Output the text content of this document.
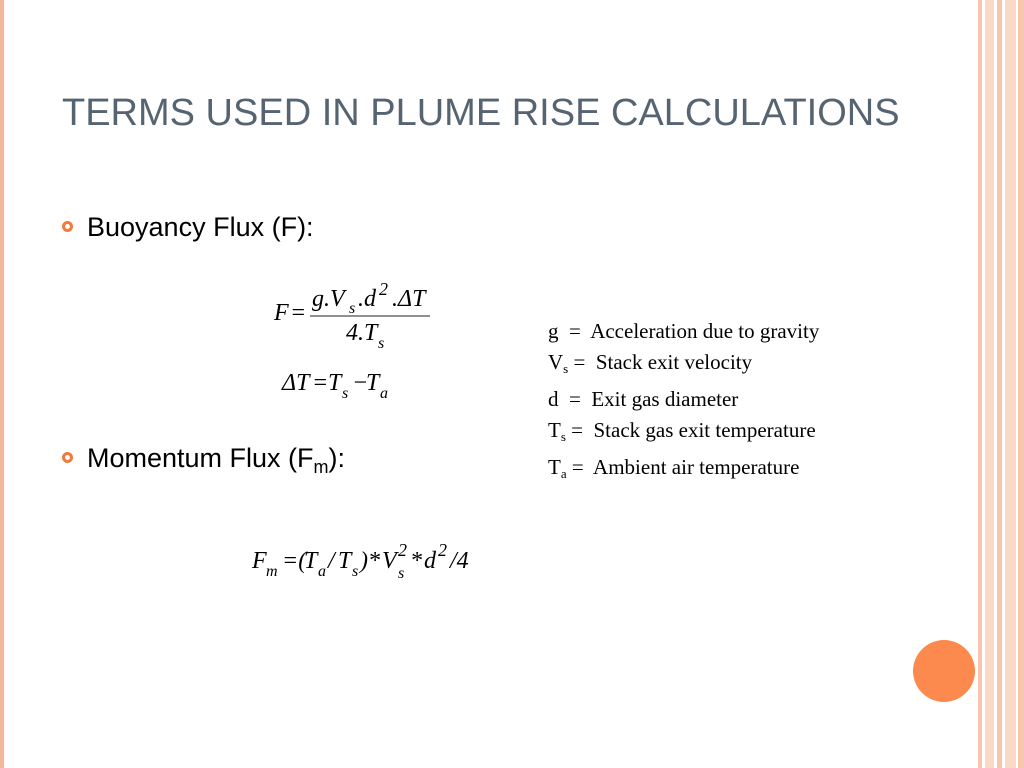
TERMS USED IN PLUME RISE CALCULATIONS
Buoyancy Flux (F):
F =
g.V s .d 2 .ΔT
4. T s
ΔT = T s −
T a
Momentum Flux $(F_m)$:
F m =(
T a / T s )* V 2
s * d 2 /4
g  =  Acceleration due to gravity
$V_s$ =  Stack exit velocity
d  =  Exit gas diameter
$T_s$ =  Stack gas exit temperature
$T_a$ =  Ambient air temperature
